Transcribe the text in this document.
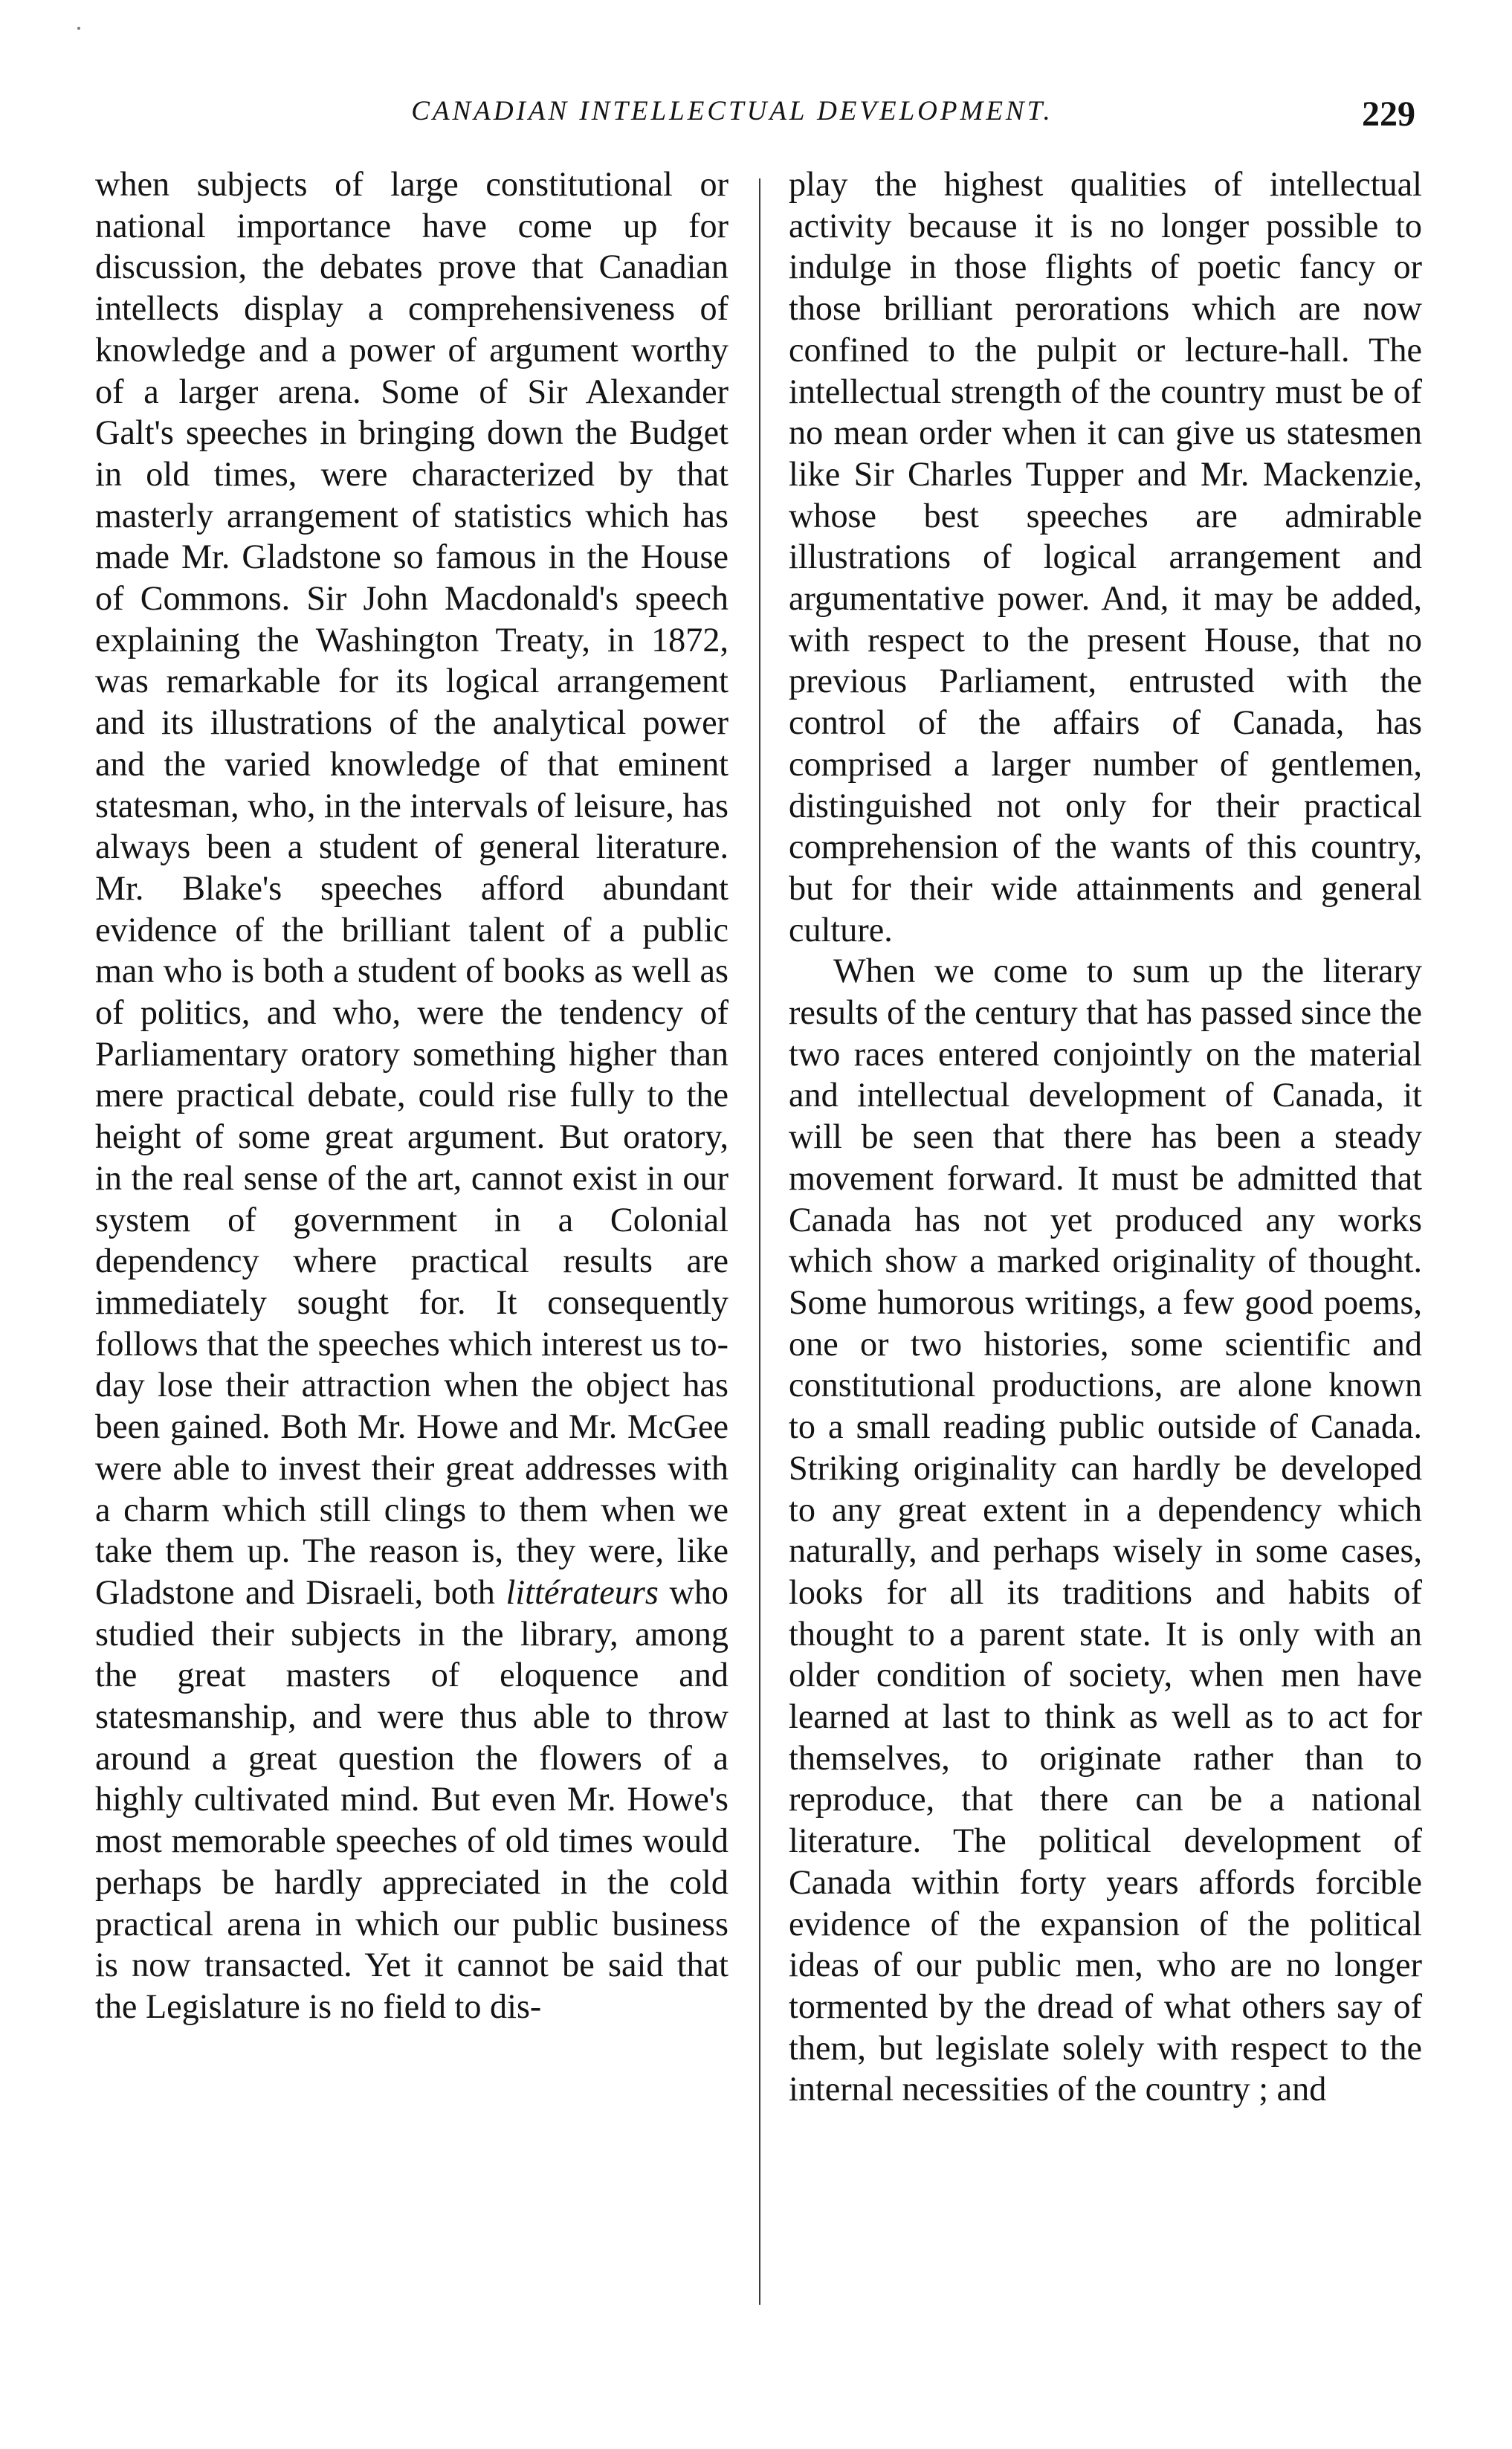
CANADIAN INTELLECTUAL DEVELOPMENT.	229

when subjects of large constitutional or national importance have come up for discussion, the debates prove that Canadian intellects display a comprehensiveness of knowledge and a power of argument worthy of a larger arena. Some of Sir Alexander Galt's speeches in bringing down the Budget in old times, were characterized by that masterly arrangement of statistics which has made Mr. Gladstone so famous in the House of Commons. Sir John Macdonald's speech explaining the Washington Treaty, in 1872, was remarkable for its logical arrangement and its illustrations of the analytical power and the varied knowledge of that eminent statesman, who, in the intervals of leisure, has always been a student of general literature. Mr. Blake's speeches afford abundant evidence of the brilliant talent of a public man who is both a student of books as well as of politics, and who, were the tendency of Parliamentary oratory something higher than mere practical debate, could rise fully to the height of some great argument. But oratory, in the real sense of the art, cannot exist in our system of government in a Colonial dependency where practical results are immediately sought for. It consequently follows that the speeches which interest us to-day lose their attraction when the object has been gained. Both Mr. Howe and Mr. McGee were able to invest their great addresses with a charm which still clings to them when we take them up. The reason is, they were, like Gladstone and Disraeli, both littérateurs who studied their subjects in the library, among the great masters of eloquence and statesmanship, and were thus able to throw around a great question the flowers of a highly cultivated mind. But even Mr. Howe's most memorable speeches of old times would perhaps be hardly appreciated in the cold practical arena in which our public business is now transacted. Yet it cannot be said that the Legislature is no field to dis-

play the highest qualities of intellectual activity because it is no longer possible to indulge in those flights of poetic fancy or those brilliant perorations which are now confined to the pulpit or lecture-hall. The intellectual strength of the country must be of no mean order when it can give us statesmen like Sir Charles Tupper and Mr. Mackenzie, whose best speeches are admirable illustrations of logical arrangement and argumentative power. And, it may be added, with respect to the present House, that no previous Parliament, entrusted with the control of the affairs of Canada, has comprised a larger number of gentlemen, distinguished not only for their practical comprehension of the wants of this country, but for their wide attainments and general culture.

When we come to sum up the literary results of the century that has passed since the two races entered conjointly on the material and intellectual development of Canada, it will be seen that there has been a steady movement forward. It must be admitted that Canada has not yet produced any works which show a marked originality of thought. Some humorous writings, a few good poems, one or two histories, some scientific and constitutional productions, are alone known to a small reading public outside of Canada. Striking originality can hardly be developed to any great extent in a dependency which naturally, and perhaps wisely in some cases, looks for all its traditions and habits of thought to a parent state. It is only with an older condition of society, when men have learned at last to think as well as to act for themselves, to originate rather than to reproduce, that there can be a national literature. The political development of Canada within forty years affords forcible evidence of the expansion of the political ideas of our public men, who are no longer tormented by the dread of what others say of them, but legislate solely with respect to the internal necessities of the country ; and
